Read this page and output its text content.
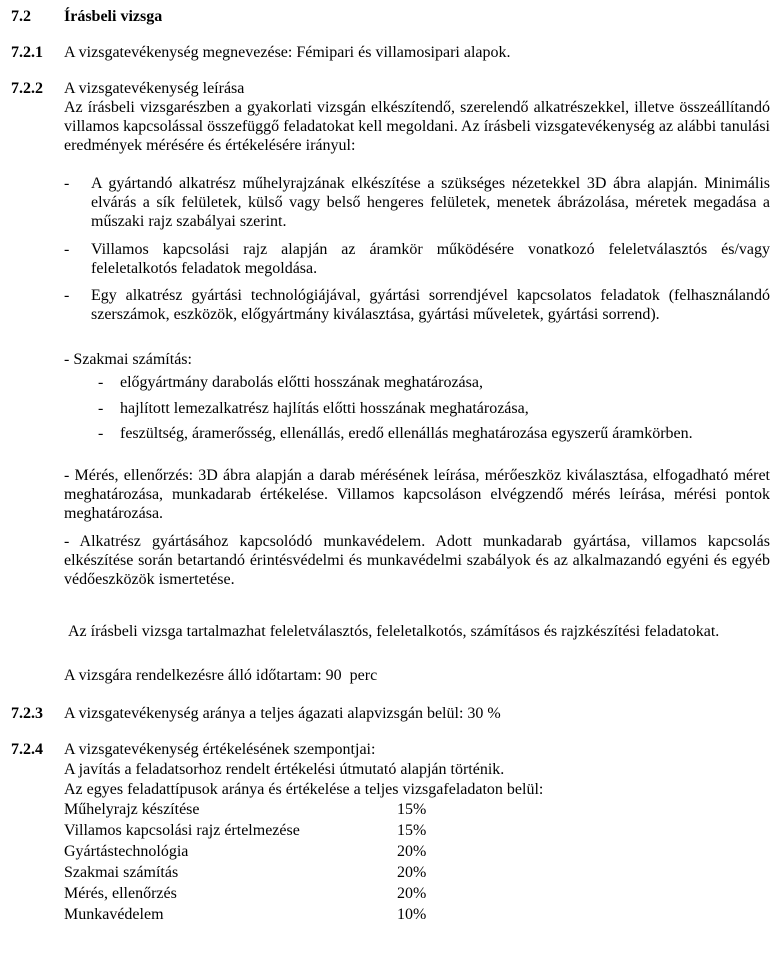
7.2 Írásbeli vizsga
7.2.1 A vizsgatevékenység megnevezése: Fémipari és villamosipari alapok.
7.2.2 A vizsgatevékenység leírása
Az írásbeli vizsgarészben a gyakorlati vizsgán elkészítendő, szerelendő alkatrészekkel, illetve összeállítandó villamos kapcsolással összefüggő feladatokat kell megoldani. Az írásbeli vizsgatevékenység az alábbi tanulási eredmények mérésére és értékelésére irányul:
- A gyártandó alkatrész műhelyrajzának elkészítése a szükséges nézetekkel 3D ábra alapján. Minimális elvárás a sík felületek, külső vagy belső hengeres felületek, menetek ábrázolása, méretek megadása a műszaki rajz szabályai szerint.
- Villamos kapcsolási rajz alapján az áramkör működésére vonatkozó feleletválasztós és/vagy feleletalkotós feladatok megoldása.
- Egy alkatrész gyártási technológiájával, gyártási sorrendjével kapcsolatos feladatok (felhasználandó szerszámok, eszközök, előgyártmány kiválasztása, gyártási műveletek, gyártási sorrend).
- Szakmai számítás:
- előgyártmány darabolás előtti hosszának meghatározása,
- hajlított lemezalkatrész hajlítás előtti hosszának meghatározása,
- feszültség, áramerősség, ellenállás, eredő ellenállás meghatározása egyszerű áramkörben.
- Mérés, ellenőrzés: 3D ábra alapján a darab mérésének leírása, mérőeszköz kiválasztása, elfogadható méret meghatározása, munkadarab értékelése. Villamos kapcsoláson elvégzendő mérés leírása, mérési pontok meghatározása.
- Alkatrész gyártásához kapcsolódó munkavédelem. Adott munkadarab gyártása, villamos kapcsolás elkészítése során betartandó érintésvédelmi és munkavédelmi szabályok és az alkalmazandó egyéni és egyéb védőeszközök ismertetése.
Az írásbeli vizsga tartalmazhat feleletválasztós, feleletalkotós, számításos és rajzkészítési feladatokat.
A vizsgára rendelkezésre álló időtartam: 90  perc
7.2.3 A vizsgatevékenység aránya a teljes ágazati alapvizsgán belül: 30 %
7.2.4 A vizsgatevékenység értékelésének szempontjai:
A javítás a feladatsorhoz rendelt értékelési útmutató alapján történik.
Az egyes feladattípusok aránya és értékelése a teljes vizsgafeladaton belül:
Műhelyrajz készítése	15%
Villamos kapcsolási rajz értelmezése	15%
Gyártástechnológia	20%
Szakmai számítás	20%
Mérés, ellenőrzés	20%
Munkavédelem	10%
